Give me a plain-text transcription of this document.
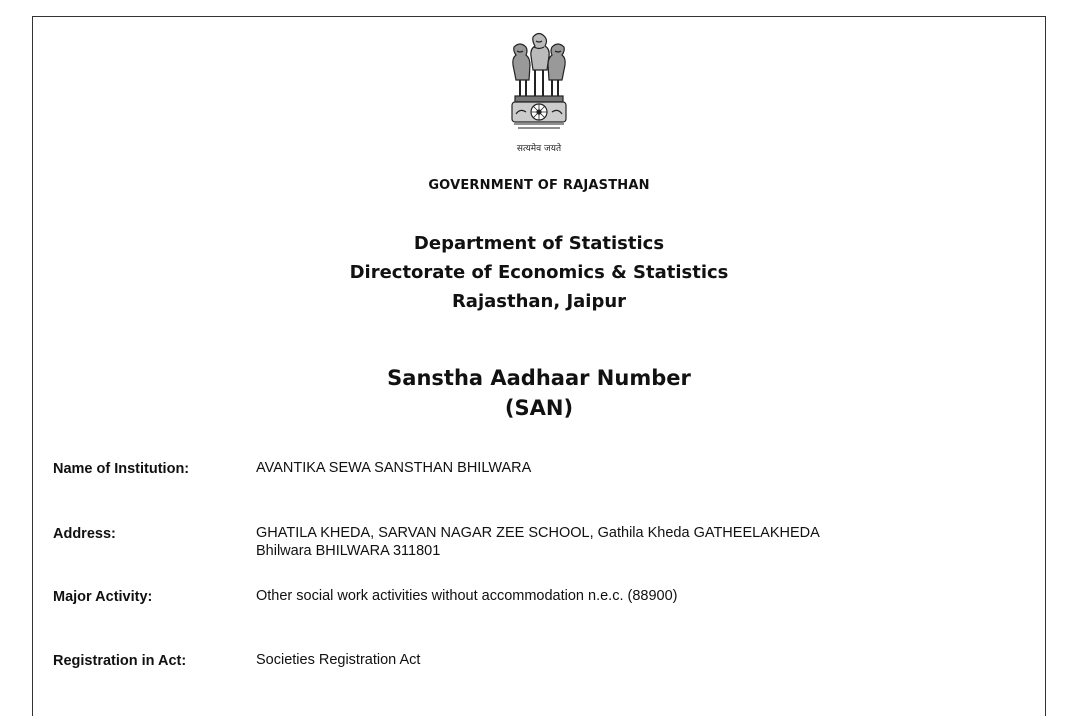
सत्यमेव जयते
GOVERNMENT OF RAJASTHAN
Department of Statistics
Directorate of Economics & Statistics
Rajasthan, Jaipur
Sanstha Aadhaar Number
(SAN)
Name of Institution:	AVANTIKA SEWA SANSTHAN BHILWARA
Address:	GHATILA KHEDA, SARVAN NAGAR ZEE SCHOOL, Gathila Kheda GATHEELAKHEDA
Bhilwara BHILWARA 311801
Major Activity:	Other social work activities without accommodation n.e.c. (88900)
Registration in Act:	Societies Registration Act
